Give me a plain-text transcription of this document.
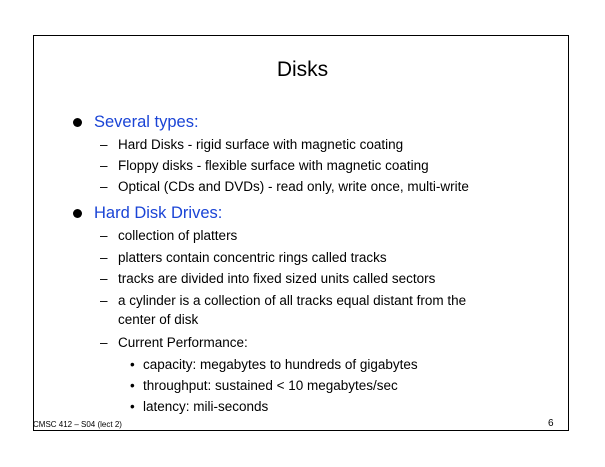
Disks
Several types:
– Hard Disks - rigid surface with magnetic coating
– Floppy disks - flexible surface with magnetic coating
– Optical (CDs and DVDs) - read only, write once, multi-write
Hard Disk Drives:
– collection of platters
– platters contain concentric rings called tracks
– tracks are divided into fixed sized units called sectors
– a cylinder is a collection of all tracks equal distant from the
center of disk
– Current Performance:
• capacity: megabytes to hundreds of gigabytes
• throughput: sustained < 10 megabytes/sec
• latency: mili-seconds
CMSC 412 – S04 (lect 2)	6
